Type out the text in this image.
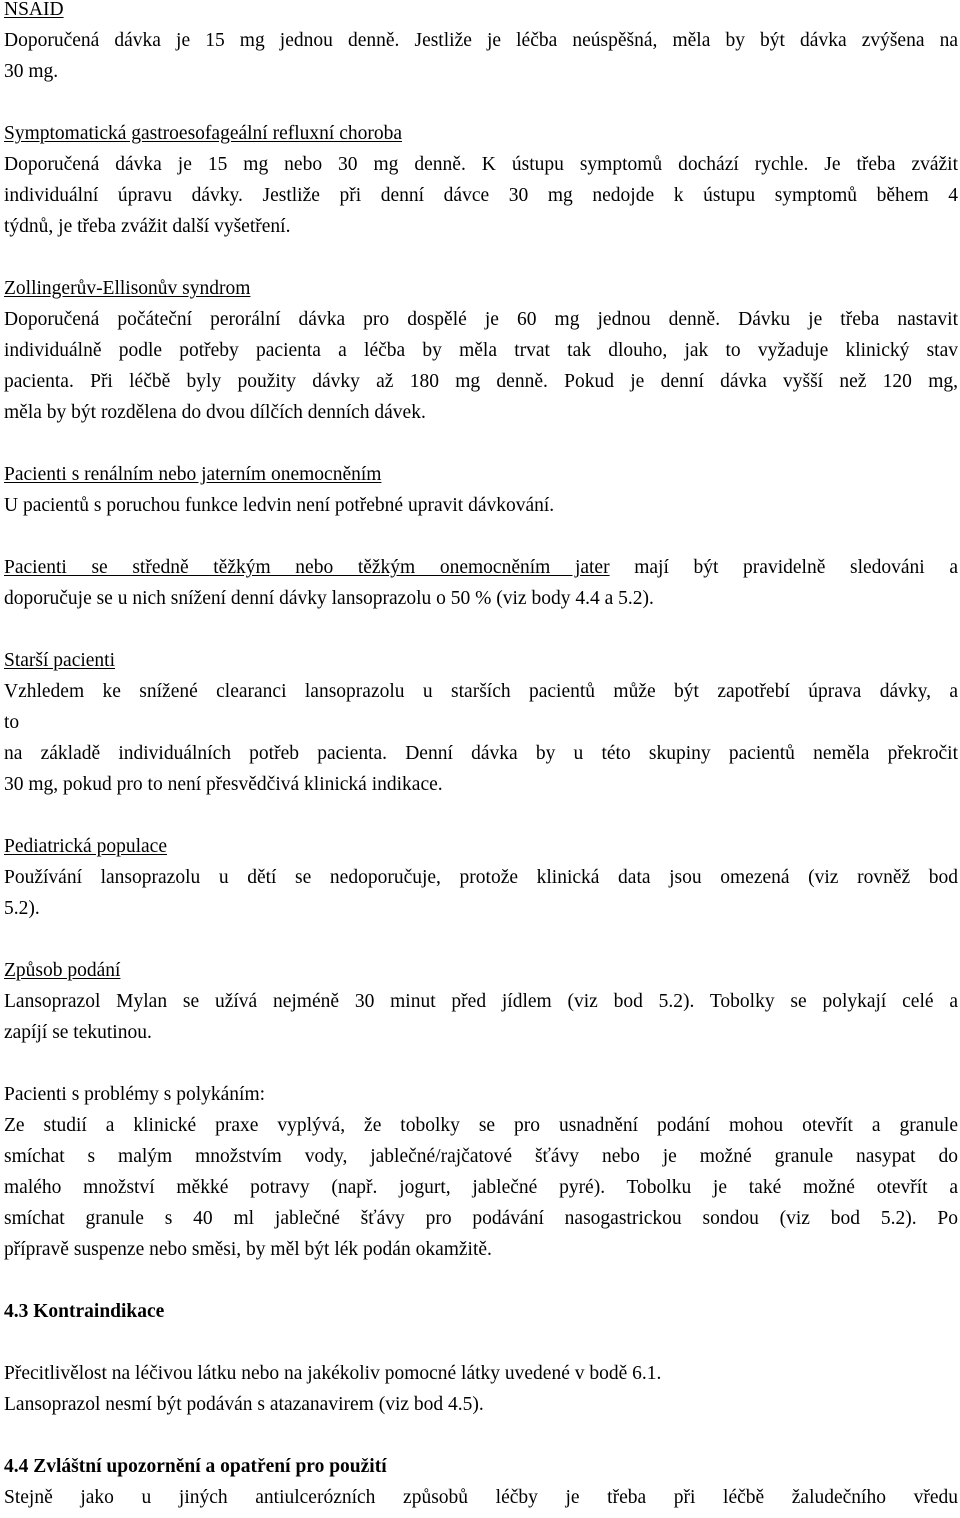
NSAID

Doporučená dávka je 15 mg jednou denně. Jestliže je léčba neúspěšná, měla by být dávka zvýšena na

30 mg.

Symptomatická gastroesofageální refluxní choroba

Doporučená dávka je 15 mg nebo 30 mg denně. K ústupu symptomů dochází rychle. Je třeba zvážit

individuální úpravu dávky. Jestliže při denní dávce 30 mg nedojde k ústupu symptomů během 4

týdnů, je třeba zvážit další vyšetření.

Zollingerův-Ellisonův syndrom

Doporučená počáteční perorální dávka pro dospělé je 60 mg jednou denně. Dávku je třeba nastavit

individuálně podle potřeby pacienta a léčba by měla trvat tak dlouho, jak to vyžaduje klinický stav

pacienta. Při léčbě byly použity dávky až 180 mg denně. Pokud je denní dávka vyšší než 120 mg,

měla by být rozdělena do dvou dílčích denních dávek.

Pacienti s renálním nebo jaterním onemocněním

U pacientů s poruchou funkce ledvin není potřebné upravit dávkování.

Pacienti se středně těžkým nebo těžkým onemocněním jater mají být pravidelně sledováni a

doporučuje se u nich snížení denní dávky lansoprazolu o 50 % (viz body 4.4 a 5.2).

Starší pacienti

Vzhledem ke snížené clearanci lansoprazolu u starších pacientů může být zapotřebí úprava dávky, a

to

na základě individuálních potřeb pacienta. Denní dávka by u této skupiny pacientů neměla překročit

30 mg, pokud pro to není přesvědčivá klinická indikace.

Pediatrická populace

Používání lansoprazolu u dětí se nedoporučuje, protože klinická data jsou omezená (viz rovněž bod

5.2).

Způsob podání

Lansoprazol Mylan se užívá nejméně 30 minut před jídlem (viz bod 5.2). Tobolky se polykají celé a

zapíjí se tekutinou.

Pacienti s problémy s polykáním:

Ze studií a klinické praxe vyplývá, že tobolky se pro usnadnění podání mohou otevřít a granule

smíchat s malým množstvím vody, jablečné/rajčatové šťávy nebo je možné granule nasypat do

malého množství měkké potravy (např. jogurt, jablečné pyré). Tobolku je také možné otevřít a

smíchat granule s 40 ml jablečné šťávy pro podávání nasogastrickou sondou (viz bod 5.2). Po

přípravě suspenze nebo směsi, by měl být lék podán okamžitě.

4.3 Kontraindikace

Přecitlivělost na léčivou látku nebo na jakékoliv pomocné látky uvedené v bodě 6.1.

Lansoprazol nesmí být podáván s atazanavirem (viz bod 4.5).

4.4 Zvláštní upozornění a opatření pro použití

Stejně jako u jiných antiulcerózních způsobů léčby je třeba při léčbě žaludečního vředu
